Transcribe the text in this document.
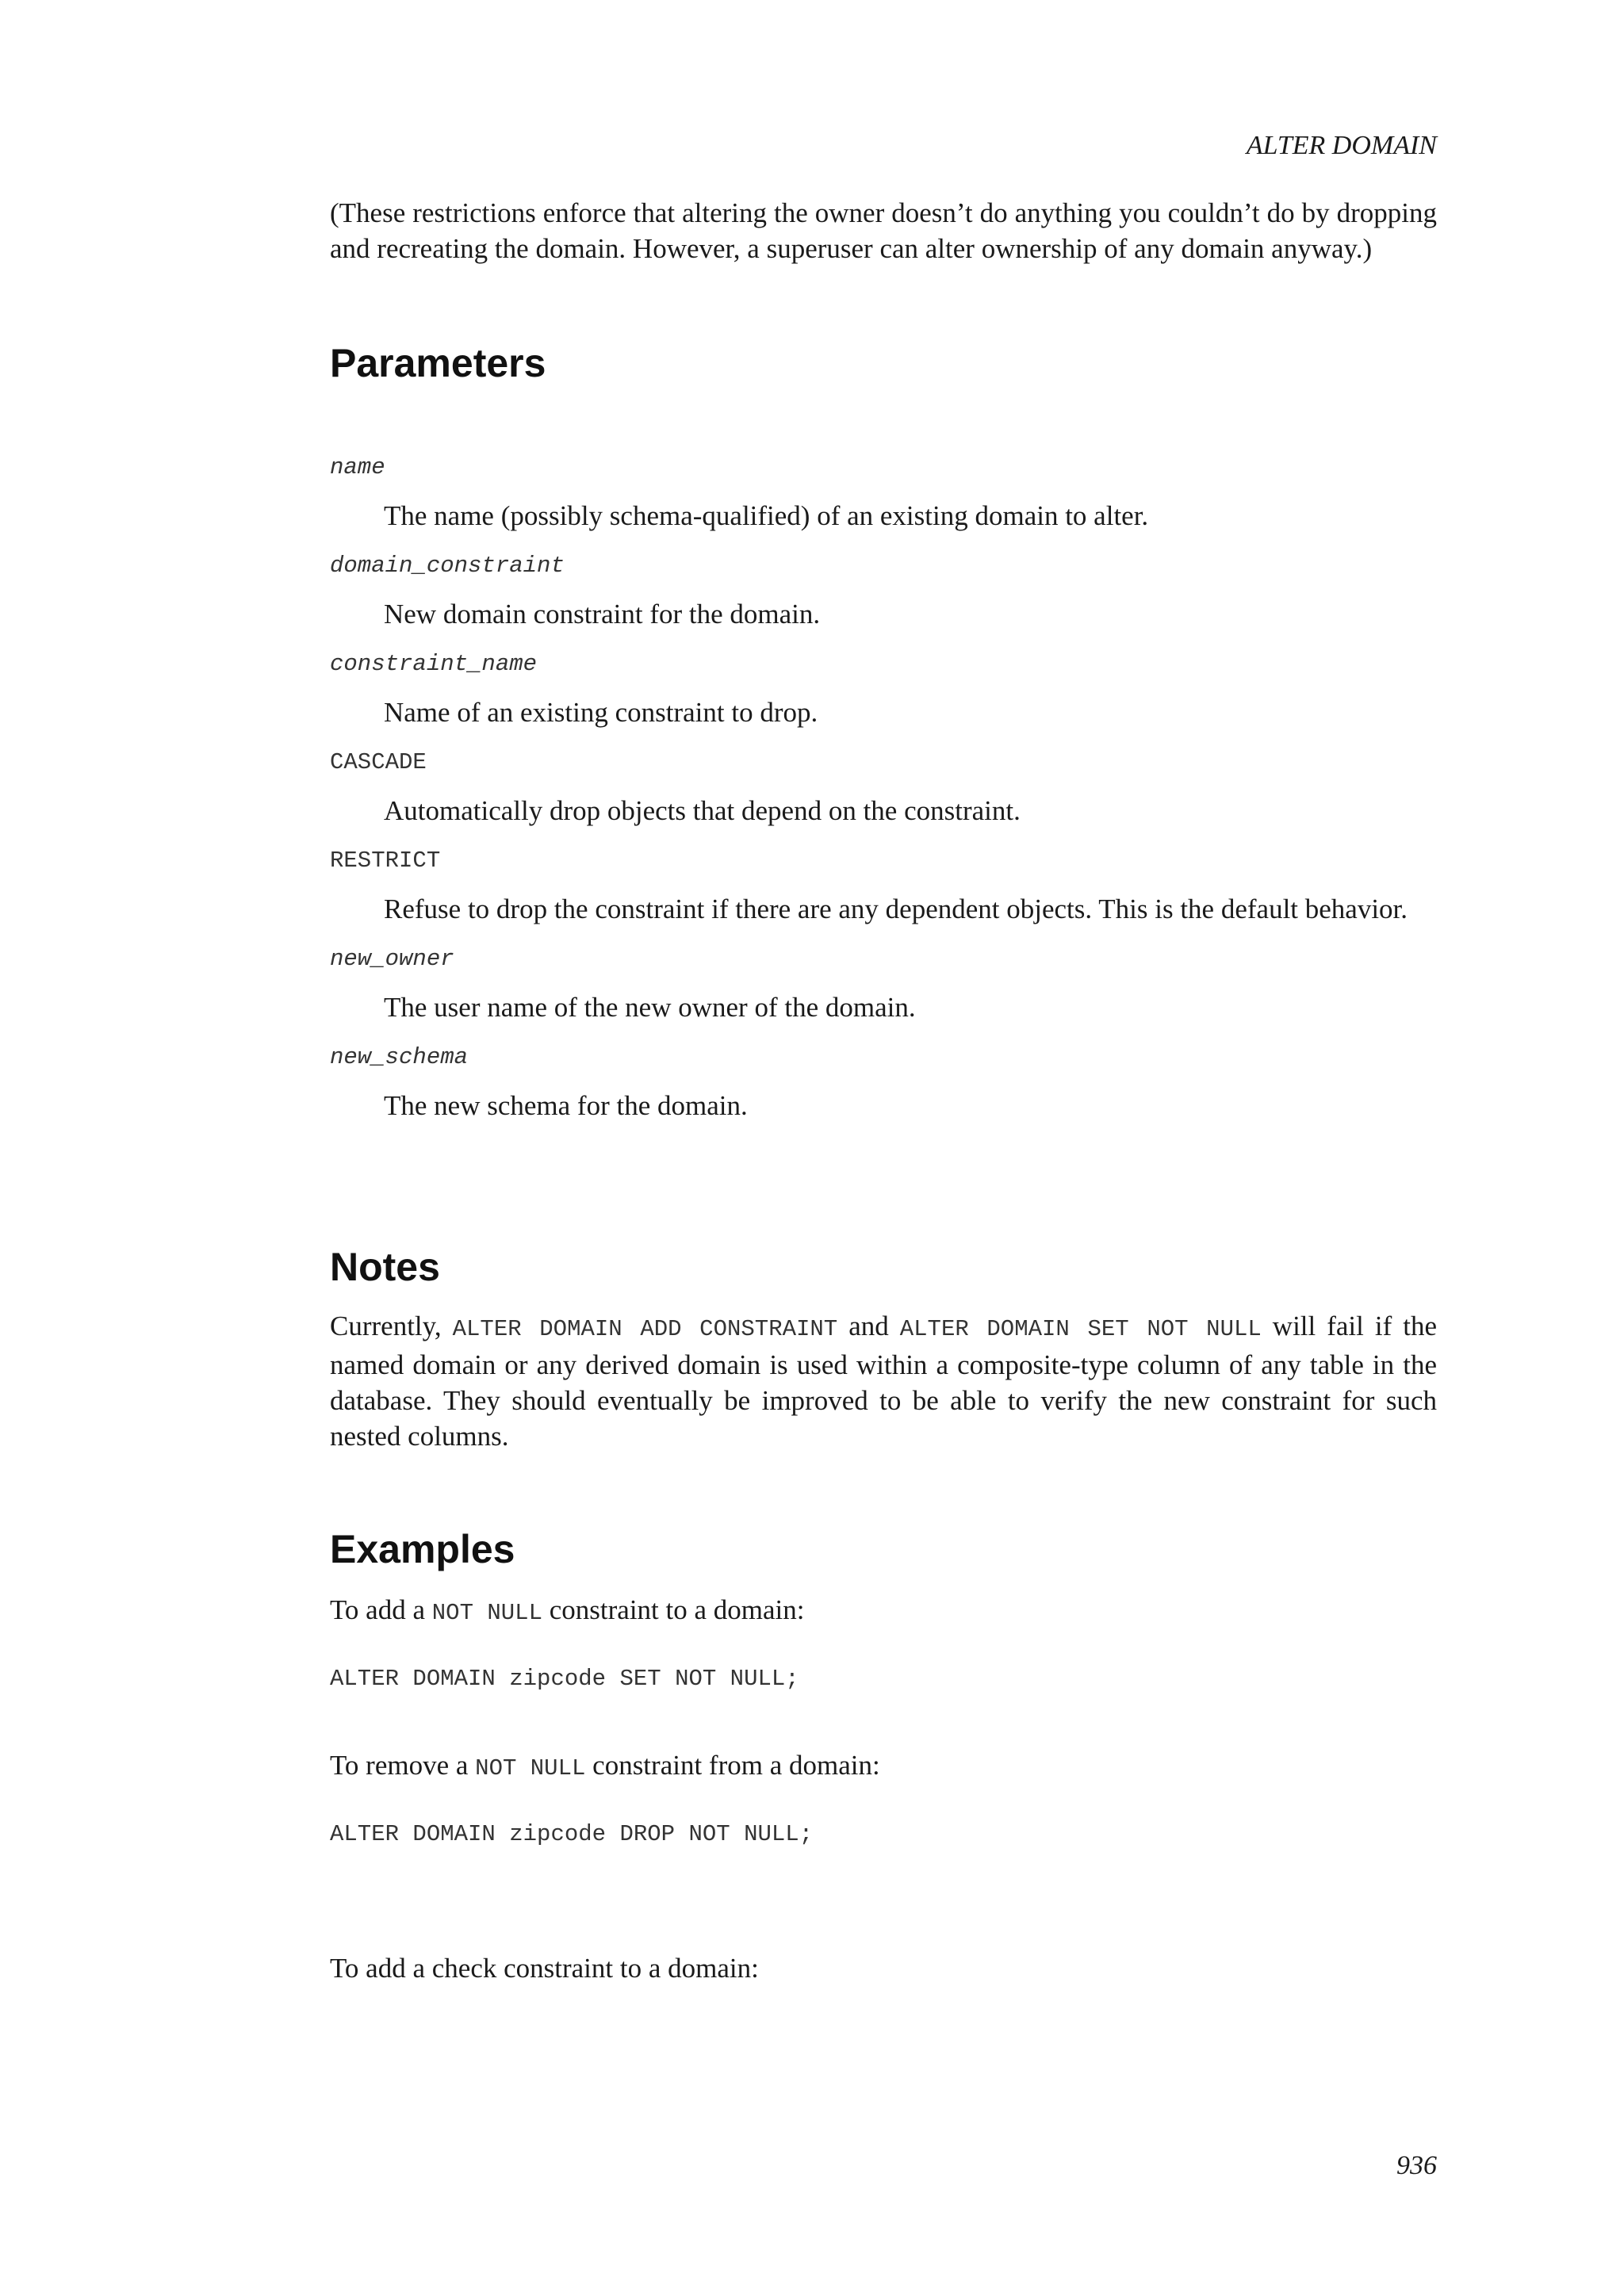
ALTER DOMAIN

(These restrictions enforce that altering the owner doesn’t do anything you couldn’t do by dropping and recreating the domain. However, a superuser can alter ownership of any domain anyway.)

Parameters
name
The name (possibly schema-qualified) of an existing domain to alter.
domain_constraint
New domain constraint for the domain.
constraint_name
Name of an existing constraint to drop.
CASCADE
Automatically drop objects that depend on the constraint.
RESTRICT
Refuse to drop the constraint if there are any dependent objects. This is the default behavior.
new_owner
The user name of the new owner of the domain.
new_schema
The new schema for the domain.
Notes

Currently, ALTER DOMAIN ADD CONSTRAINT and ALTER DOMAIN SET NOT NULL will fail if the named domain or any derived domain is used within a composite-type column of any table in the database. They should eventually be improved to be able to verify the new constraint for such nested columns.

Examples

To add a NOT NULL constraint to a domain:

ALTER DOMAIN zipcode SET NOT NULL;

To remove a NOT NULL constraint from a domain:

ALTER DOMAIN zipcode DROP NOT NULL;

To add a check constraint to a domain:

936
